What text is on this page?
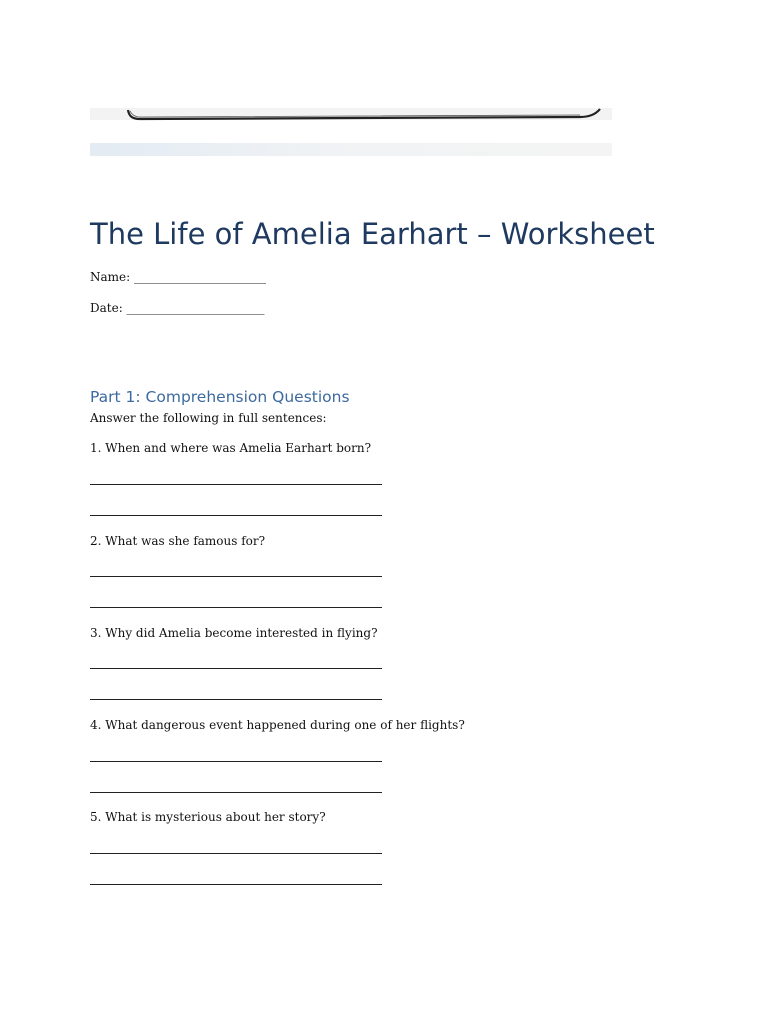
The Life of Amelia Earhart – Worksheet
Name: ______________________
Date: _______________________
Part 1: Comprehension Questions
Answer the following in full sentences:
1. When and where was Amelia Earhart born?
2. What was she famous for?
3. Why did Amelia become interested in flying?
4. What dangerous event happened during one of her flights?
5. What is mysterious about her story?
